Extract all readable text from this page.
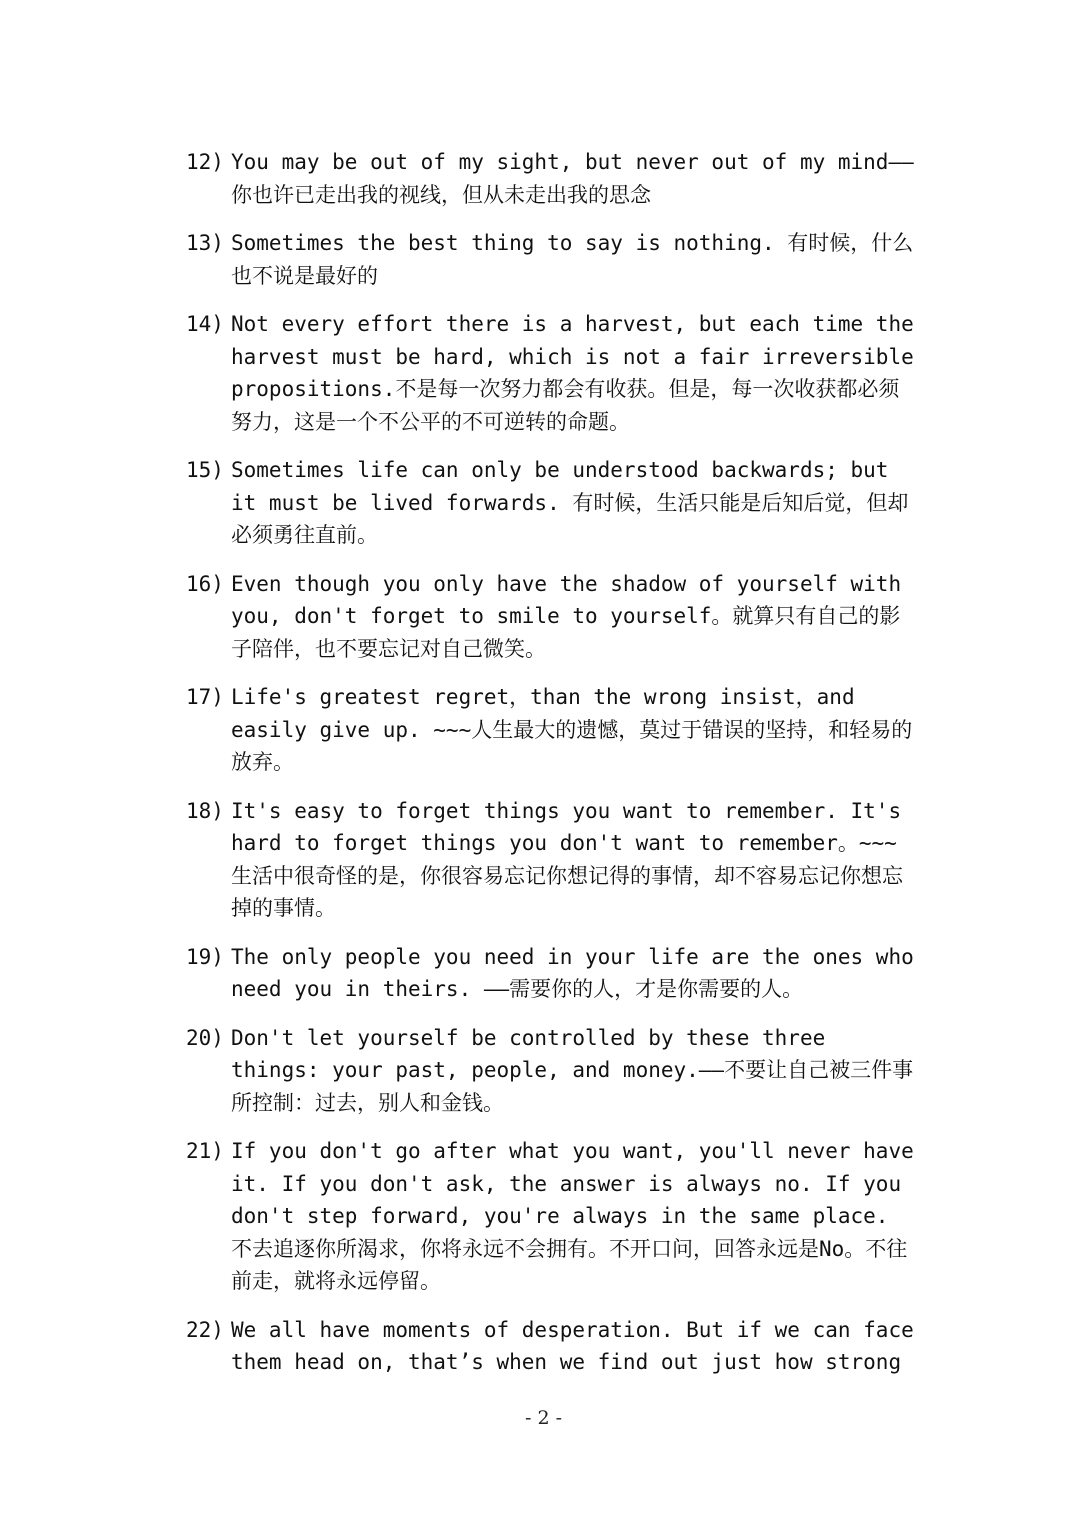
12) You may be out of my sight, but never out of my mind——你也许已走出我的视线，但从未走出我的思念
13) Sometimes the best thing to say is nothing. 有时候，什么也不说是最好的
14) Not every effort there is a harvest, but each time the harvest must be hard, which is not a fair irreversible propositions.不是每一次努力都会有收获。但是，每一次收获都必须努力，这是一个不公平的不可逆转的命题。
15) Sometimes life can only be understood backwards; but it must be lived forwards. 有时候，生活只能是后知后觉，但却必须勇往直前。
16) Even though you only have the shadow of yourself with you, don't forget to smile to yourself。就算只有自己的影子陪伴，也不要忘记对自己微笑。
17) Life's greatest regret，than the wrong insist，and easily give up. ~~~人生最大的遗憾，莫过于错误的坚持，和轻易的放弃。
18) It's easy to forget things you want to remember. It's hard to forget things you don't want to remember。~~~生活中很奇怪的是，你很容易忘记你想记得的事情，却不容易忘记你想忘掉的事情。
19) The only people you need in your life are the ones who need you in theirs. ——需要你的人，才是你需要的人。
20) Don't let yourself be controlled by these three things: your past, people, and money.——不要让自己被三件事所控制：过去，别人和金钱。
21) If you don't go after what you want, you'll never have it. If you don't ask, the answer is always no. If you don't step forward, you're always in the same place. 不去追逐你所渴求，你将永远不会拥有。不开口问，回答永远是No。不往前走，就将永远停留。
22) We all have moments of desperation. But if we can face them head on, that’s when we find out just how strong
- 2 -
